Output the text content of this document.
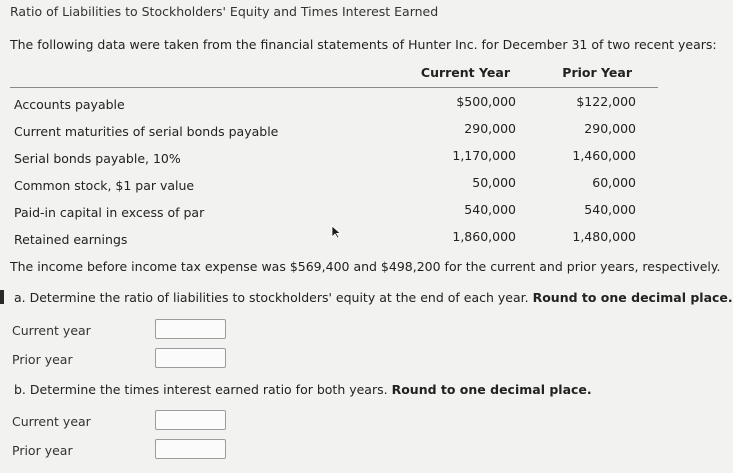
Ratio of Liabilities to Stockholders' Equity and Times Interest Earned
The following data were taken from the financial statements of Hunter Inc. for December 31 of two recent years:
Current Year	Prior Year
Accounts payable	$500,000	$122,000
Current maturities of serial bonds payable	290,000	290,000
Serial bonds payable, 10%	1,170,000	1,460,000
Common stock, $1 par value	50,000	60,000
Paid-in capital in excess of par	540,000	540,000
Retained earnings	1,860,000	1,480,000
The income before income tax expense was $569,400 and $498,200 for the current and prior years, respectively.
a. Determine the ratio of liabilities to stockholders' equity at the end of each year. Round to one decimal place.
Current year
Prior year
b. Determine the times interest earned ratio for both years. Round to one decimal place.
Current year
Prior year
